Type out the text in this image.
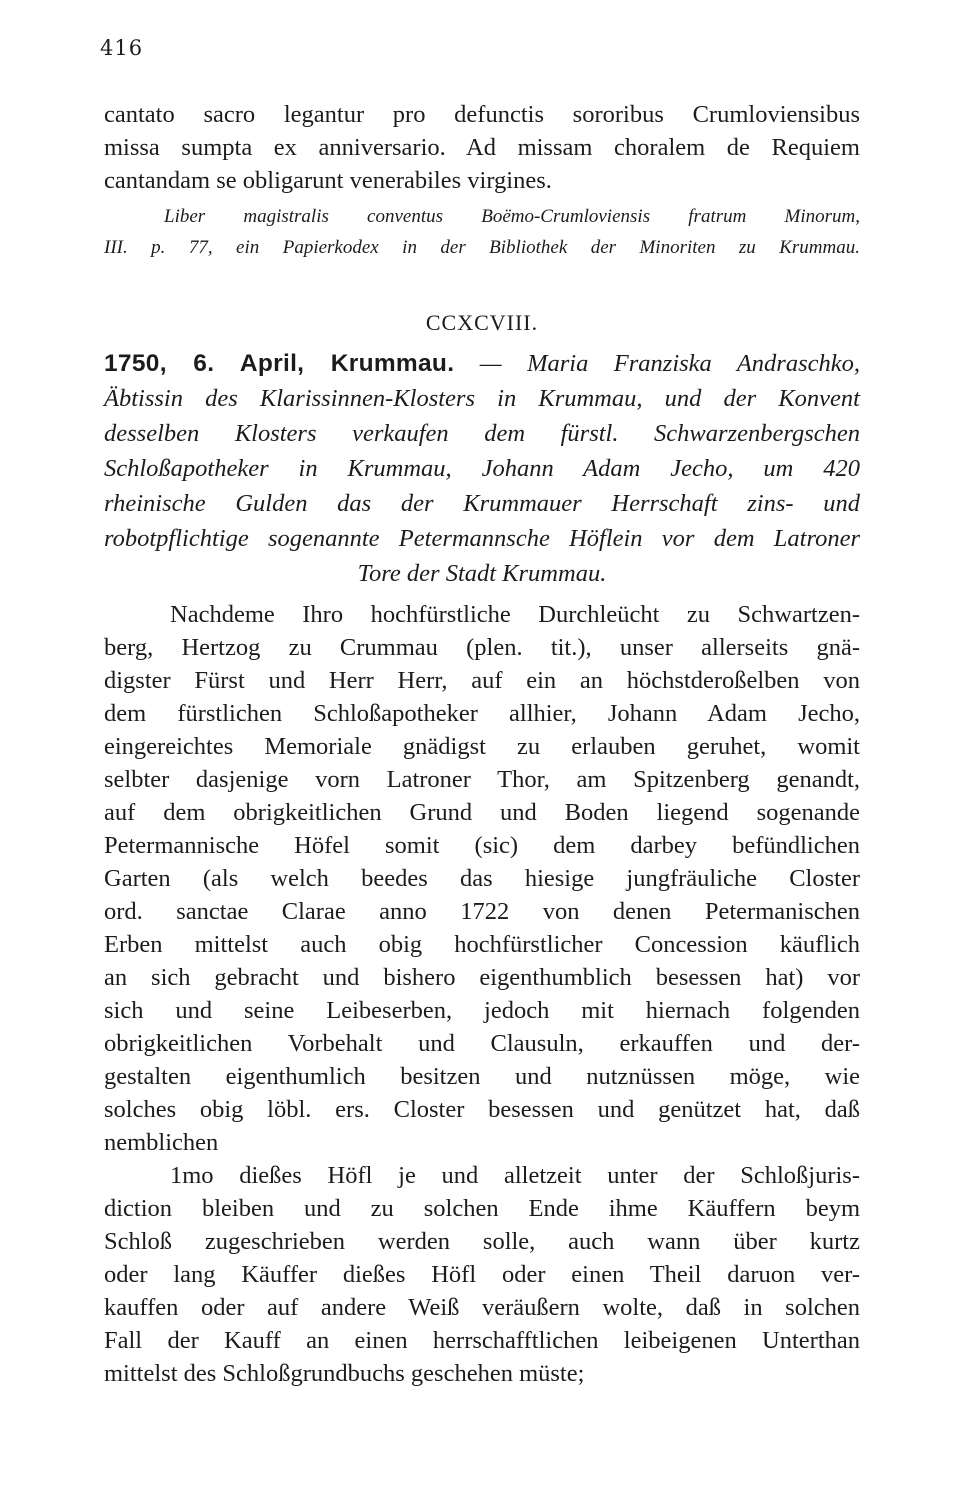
416
cantato sacro legantur pro defunctis sororibus Crumloviensibus
missa sumpta ex anniversario. Ad missam choralem de Requiem
cantandam se obligarunt venerabiles virgines.
Liber magistralis conventus Boëmo-Crumloviensis fratrum Minorum,
III. p. 77, ein Papierkodex in der Bibliothek der Minoriten zu Krummau.
CCXCVIII.
1750, 6. April, Krummau. — Maria Franziska Andraschko,
Äbtissin des Klarissinnen-Klosters in Krummau, und der Konvent
desselben Klosters verkaufen dem fürstl. Schwarzenbergschen
Schloßapotheker in Krummau, Johann Adam Jecho, um 420
rheinische Gulden das der Krummauer Herrschaft zins- und
robotpflichtige sogenannte Petermannsche Höflein vor dem Latroner
Tore der Stadt Krummau.
Nachdeme Ihro hochfürstliche Durchleücht zu Schwartzen-
berg, Hertzog zu Crummau (plen. tit.), unser allerseits gnä-
digster Fürst und Herr Herr, auf ein an höchstderoßelben von
dem fürstlichen Schloßapotheker allhier, Johann Adam Jecho,
eingereichtes Memoriale gnädigst zu erlauben geruhet, womit
selbter dasjenige vorn Latroner Thor, am Spitzenberg genandt,
auf dem obrigkeitlichen Grund und Boden liegend sogenande
Petermannische Höfel somit (sic) dem darbey befündlichen
Garten (als welch beedes das hiesige jungfräuliche Closter
ord. sanctae Clarae anno 1722 von denen Petermanischen
Erben mittelst auch obig hochfürstlicher Concession käuflich
an sich gebracht und bishero eigenthumblich besessen hat) vor
sich und seine Leibeserben, jedoch mit hiernach folgenden
obrigkeitlichen Vorbehalt und Clausuln, erkauffen und der-
gestalten eigenthumlich besitzen und nutznüssen möge, wie
solches obig löbl. ers. Closter besessen und genützet hat, daß
nemblichen
1mo dießes Höfl je und alletzeit unter der Schloßjuris-
diction bleiben und zu solchen Ende ihme Käuffern beym
Schloß zugeschrieben werden solle, auch wann über kurtz
oder lang Käuffer dießes Höfl oder einen Theil daruon ver-
kauffen oder auf andere Weiß veräußern wolte, daß in solchen
Fall der Kauff an einen herrschafftlichen leibeigenen Unterthan
mittelst des Schloßgrundbuchs geschehen müste;
